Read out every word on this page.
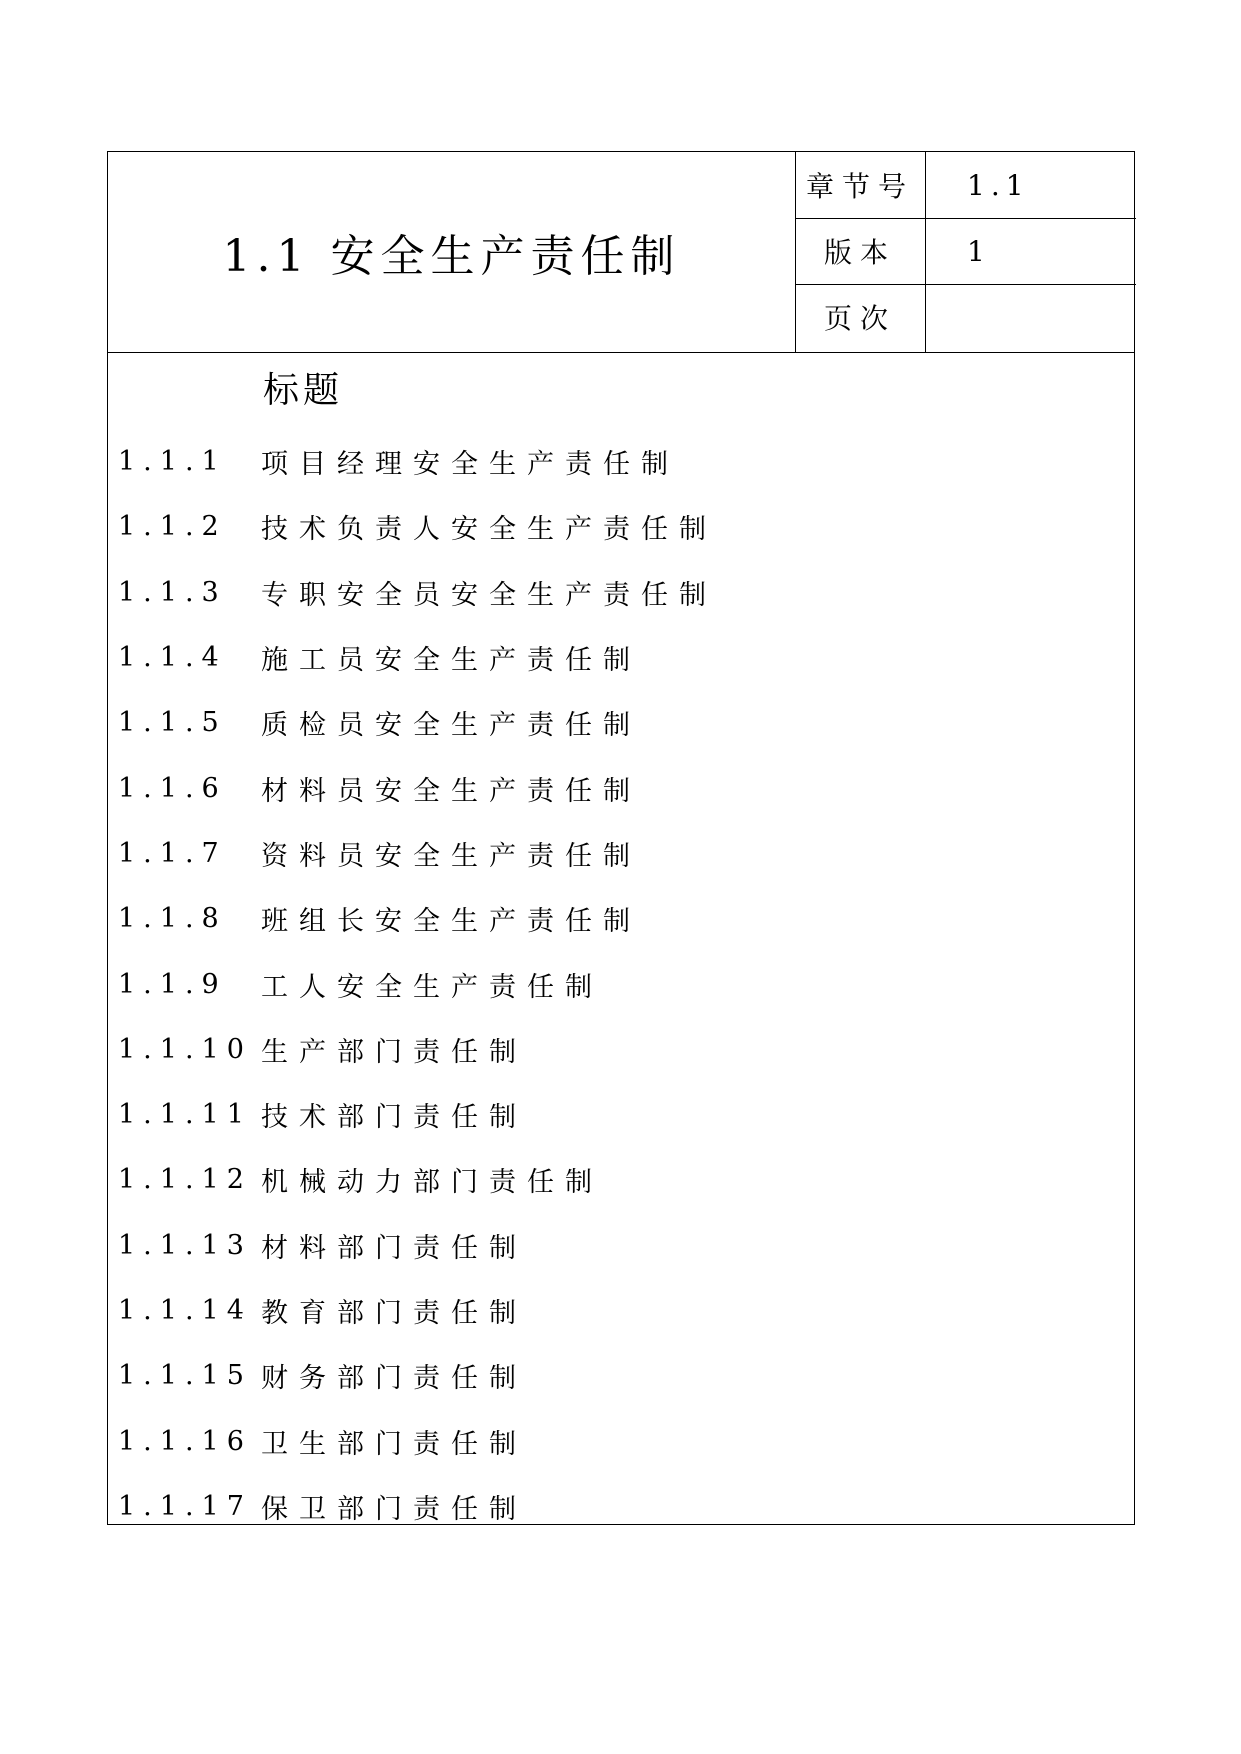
1.1 安全生产责任制
章节号	1.1
版本	1
页次
标题
1.1.1	项目经理安全生产责任制
1.1.2	技术负责人安全生产责任制
1.1.3	专职安全员安全生产责任制
1.1.4	施工员安全生产责任制
1.1.5	质检员安全生产责任制
1.1.6	材料员安全生产责任制
1.1.7	资料员安全生产责任制
1.1.8	班组长安全生产责任制
1.1.9	工人安全生产责任制
1.1.10 生产部门责任制
1.1.11 技术部门责任制
1.1.12 机械动力部门责任制
1.1.13 材料部门责任制
1.1.14 教育部门责任制
1.1.15 财务部门责任制
1.1.16 卫生部门责任制
1.1.17 保卫部门责任制
